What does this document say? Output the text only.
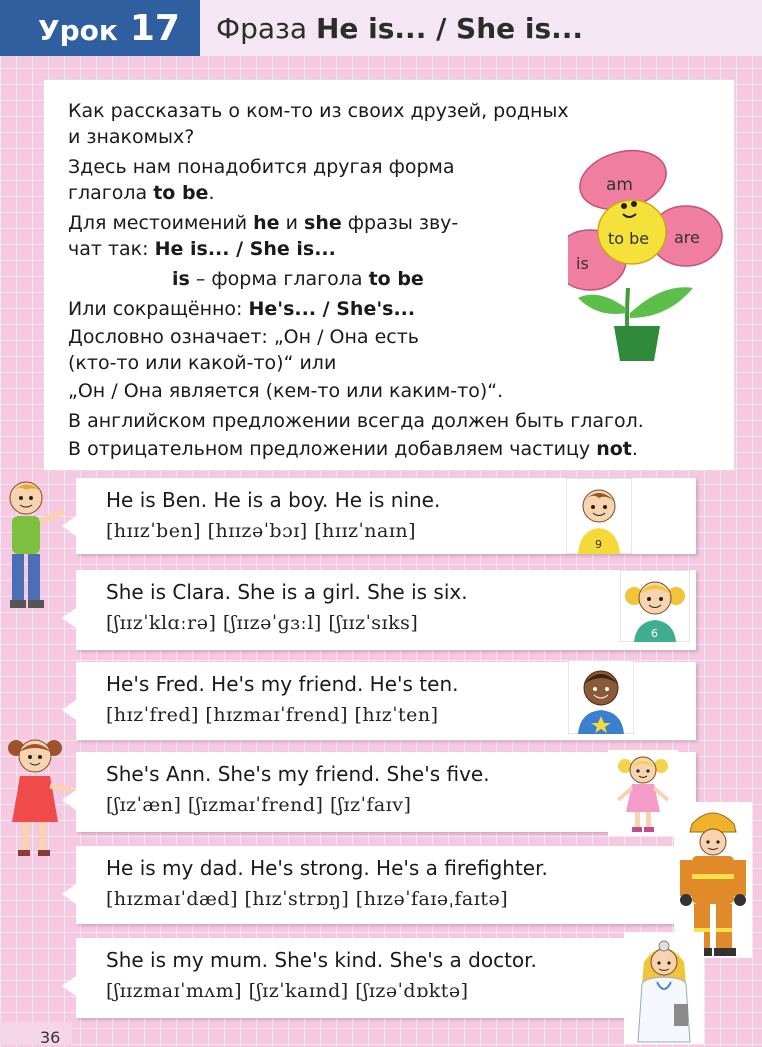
Урок 17 Фраза He is... / She is...
Как рассказать о ком-то из своих друзей, родных
и знакомых?
Здесь нам понадобится другая форма
глагола to be.
Для местоимений he и she фразы зву-
чат так: He is... / She is...
is – форма глагола to be
Или сокращённо: He's... / She's...
Дословно означает: „Он / Она есть
(кто-то или какой-то)“ или
„Он / Она является (кем-то или каким-то)“.
В английском предложении всегда должен быть глагол.
В отрицательном предложении добавляем частицу not.
am
is
are
to be
He is Ben. He is a boy. He is nine.
[hɪɪzˈben] [hɪɪzəˈbɔɪ] [hɪɪzˈnaɪn]
9
She is Clara. She is a girl. She is six.
[ʃɪɪzˈklɑːrə] [ʃɪɪzəˈɡɜːl] [ʃɪɪzˈsɪks]	6
He's Fred. He's my friend. He's ten.
[hɪzˈfred] [hɪzmaɪˈfrend] [hɪzˈten]
She's Ann. She's my friend. She's five.
[ʃɪzˈæn] [ʃɪzmaɪˈfrend] [ʃɪzˈfaɪv]
He is my dad. He's strong. He's a firefighter.
[hɪzmaɪˈdæd] [hɪzˈstrɒŋ] [hɪzəˈfaɪəˌfaɪtə]
She is my mum. She's kind. She's a doctor.
[ʃɪɪzmaɪˈmʌm] [ʃɪzˈkaɪnd] [ʃɪzəˈdɒktə]
36
